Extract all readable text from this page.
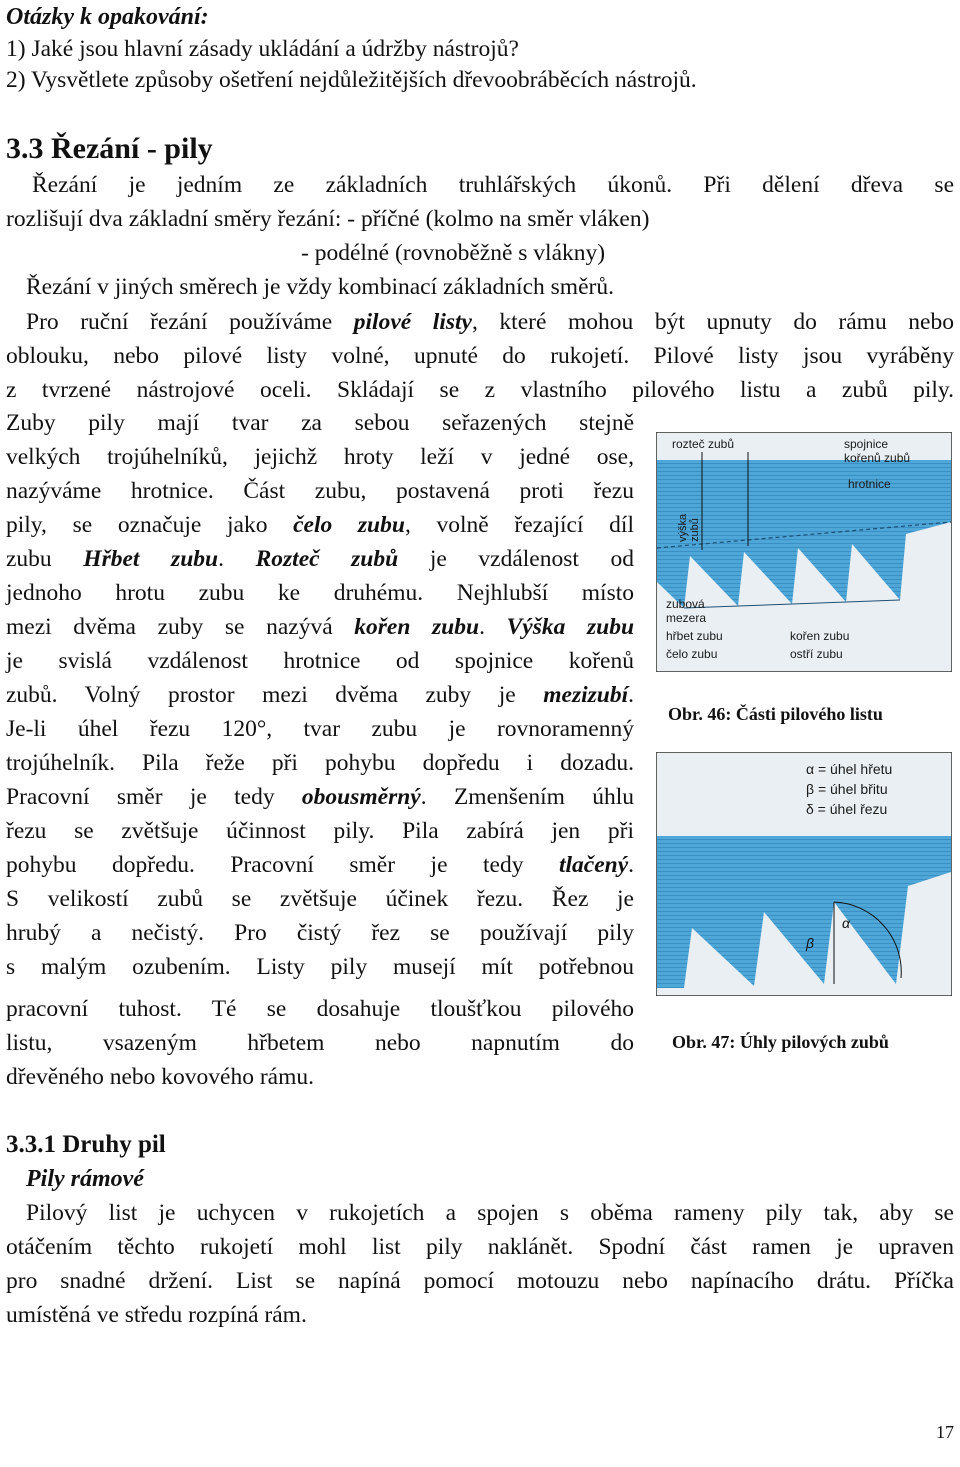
Otázky k opakování:
1) Jaké jsou hlavní zásady ukládání a údržby nástrojů?
2) Vysvětlete způsoby ošetření nejdůležitějších dřevoobráběcích nástrojů.
3.3 Řezání - pily
Řezání je jedním ze základních truhlářských úkonů. Při dělení dřeva se
rozlišují dva základní směry řezání: - příčné (kolmo na směr vláken)
- podélné (rovnoběžně s vlákny)
Řezání v jiných směrech je vždy kombinací základních směrů.
Pro ruční řezání používáme pilové listy, které mohou být upnuty do rámu nebo
oblouku, nebo pilové listy volné, upnuté do rukojetí. Pilové listy jsou vyráběny
z tvrzené nástrojové oceli. Skládají se z vlastního pilového listu a zubů pily.
Zuby pily mají tvar za sebou seřazených stejně
velkých trojúhelníků, jejichž hroty leží v jedné ose,
nazýváme hrotnice. Část zubu, postavená proti řezu
pily, se označuje jako čelo zubu, volně řezající díl
zubu Hřbet zubu. Rozteč zubů je vzdálenost od
jednoho hrotu zubu ke druhému. Nejhlubší místo
mezi dvěma zuby se nazývá kořen zubu. Výška zubu
je svislá vzdálenost hrotnice od spojnice kořenů
zubů. Volný prostor mezi dvěma zuby je mezizubí.
Je-li úhel řezu 120°, tvar zubu je rovnoramenný
trojúhelník. Pila řeže při pohybu dopředu i dozadu.
Pracovní směr je tedy obousměrný. Zmenšením úhlu
řezu se zvětšuje účinnost pily. Pila zabírá jen při
pohybu dopředu. Pracovní směr je tedy tlačený.
S velikostí zubů se zvětšuje účinek řezu. Řez je
hrubý a nečistý. Pro čistý řez se používají pily
s malým ozubením. Listy pily musejí mít potřebnou
pracovní tuhost. Té se dosahuje tloušťkou pilového
listu, vsazeným hřbetem nebo napnutím do
dřevěného nebo kovového rámu.
rozteč zubů	spojnice
kořenů zubů
hrotnice
výška zubů
zubová
mezera
hřbet zubu
čelo zubu
kořen zubu
ostří zubu
Obr. 46: Části pilového listu
α = úhel hřetu
β = úhel břitu
δ = úhel řezu
α
β
Obr. 47: Úhly pilových zubů
3.3.1 Druhy pil
Pily rámové
Pilový list je uchycen v rukojetích a spojen s oběma rameny pily tak, aby se
otáčením těchto rukojetí mohl list pily naklánět. Spodní část ramen je upraven
pro snadné držení. List se napíná pomocí motouzu nebo napínacího drátu. Příčka
umístěná ve středu rozpíná rám.
17
